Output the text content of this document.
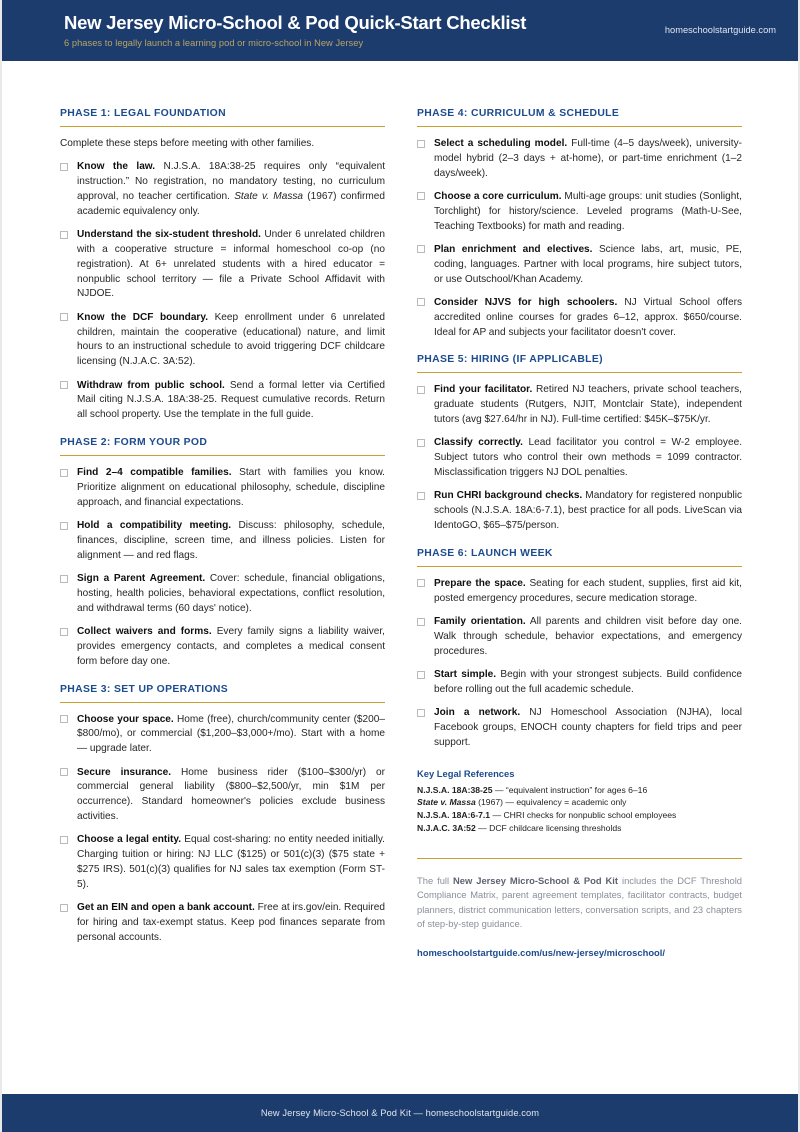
New Jersey Micro-School & Pod Quick-Start Checklist
6 phases to legally launch a learning pod or micro-school in New Jersey
homeschoolstartguide.com
PHASE 1: LEGAL FOUNDATION

Complete these steps before meeting with other families.

Know the law. N.J.S.A. 18A:38-25 requires only “equivalent instruction.” No registration, no mandatory testing, no curriculum approval, no teacher certification. State v. Massa (1967) confirmed academic equivalency only.
Understand the six-student threshold. Under 6 unrelated children with a cooperative structure = informal homeschool co-op (no registration). At 6+ unrelated students with a hired educator = nonpublic school territory — file a Private School Affidavit with NJDOE.
Know the DCF boundary. Keep enrollment under 6 unrelated children, maintain the cooperative (educational) nature, and limit hours to an instructional schedule to avoid triggering DCF childcare licensing (N.J.A.C. 3A:52).
Withdraw from public school. Send a formal letter via Certified Mail citing N.J.S.A. 18A:38-25. Request cumulative records. Return all school property. Use the template in the full guide.
PHASE 2: FORM YOUR POD
Find 2–4 compatible families. Start with families you know. Prioritize alignment on educational philosophy, schedule, discipline approach, and financial expectations.
Hold a compatibility meeting. Discuss: philosophy, schedule, finances, discipline, screen time, and illness policies. Listen for alignment — and red flags.
Sign a Parent Agreement. Cover: schedule, financial obligations, hosting, health policies, behavioral expectations, conflict resolution, and withdrawal terms (60 days' notice).
Collect waivers and forms. Every family signs a liability waiver, provides emergency contacts, and completes a medical consent form before day one.
PHASE 3: SET UP OPERATIONS
Choose your space. Home (free), church/community center ($200–$800/mo), or commercial ($1,200–$3,000+/mo). Start with a home — upgrade later.
Secure insurance. Home business rider ($100–$300/yr) or commercial general liability ($800–$2,500/yr, min $1M per occurrence). Standard homeowner's policies exclude business activities.
Choose a legal entity. Equal cost-sharing: no entity needed initially. Charging tuition or hiring: NJ LLC ($125) or 501(c)(3) ($75 state + $275 IRS). 501(c)(3) qualifies for NJ sales tax exemption (Form ST-5).
Get an EIN and open a bank account. Free at irs.gov/ein. Required for hiring and tax-exempt status. Keep pod finances separate from personal accounts.
PHASE 4: CURRICULUM & SCHEDULE
Select a scheduling model. Full-time (4–5 days/week), university-model hybrid (2–3 days + at-home), or part-time enrichment (1–2 days/week).
Choose a core curriculum. Multi-age groups: unit studies (Sonlight, Torchlight) for history/science. Leveled programs (Math-U-See, Teaching Textbooks) for math and reading.
Plan enrichment and electives. Science labs, art, music, PE, coding, languages. Partner with local programs, hire subject tutors, or use Outschool/Khan Academy.
Consider NJVS for high schoolers. NJ Virtual School offers accredited online courses for grades 6–12, approx. $650/course. Ideal for AP and subjects your facilitator doesn't cover.
PHASE 5: HIRING (IF APPLICABLE)
Find your facilitator. Retired NJ teachers, private school teachers, graduate students (Rutgers, NJIT, Montclair State), independent tutors (avg $27.64/hr in NJ). Full-time certified: $45K–$75K/yr.
Classify correctly. Lead facilitator you control = W-2 employee. Subject tutors who control their own methods = 1099 contractor. Misclassification triggers NJ DOL penalties.
Run CHRI background checks. Mandatory for registered nonpublic schools (N.J.S.A. 18A:6-7.1), best practice for all pods. LiveScan via IdentoGO, $65–$75/person.
PHASE 6: LAUNCH WEEK
Prepare the space. Seating for each student, supplies, first aid kit, posted emergency procedures, secure medication storage.
Family orientation. All parents and children visit before day one. Walk through schedule, behavior expectations, and emergency procedures.
Start simple. Begin with your strongest subjects. Build confidence before rolling out the full academic schedule.
Join a network. NJ Homeschool Association (NJHA), local Facebook groups, ENOCH county chapters for field trips and peer support.
Key Legal References
N.J.S.A. 18A:38-25 — “equivalent instruction” for ages 6–16
State v. Massa (1967) — equivalency = academic only
N.J.S.A. 18A:6-7.1 — CHRI checks for nonpublic school employees
N.J.A.C. 3A:52 — DCF childcare licensing thresholds

The full New Jersey Micro-School & Pod Kit includes the DCF Threshold Compliance Matrix, parent agreement templates, facilitator contracts, budget planners, district communication letters, conversation scripts, and 23 chapters of step-by-step guidance.

homeschoolstartguide.com/us/new-jersey/microschool/
New Jersey Micro-School & Pod Kit — homeschoolstartguide.com
